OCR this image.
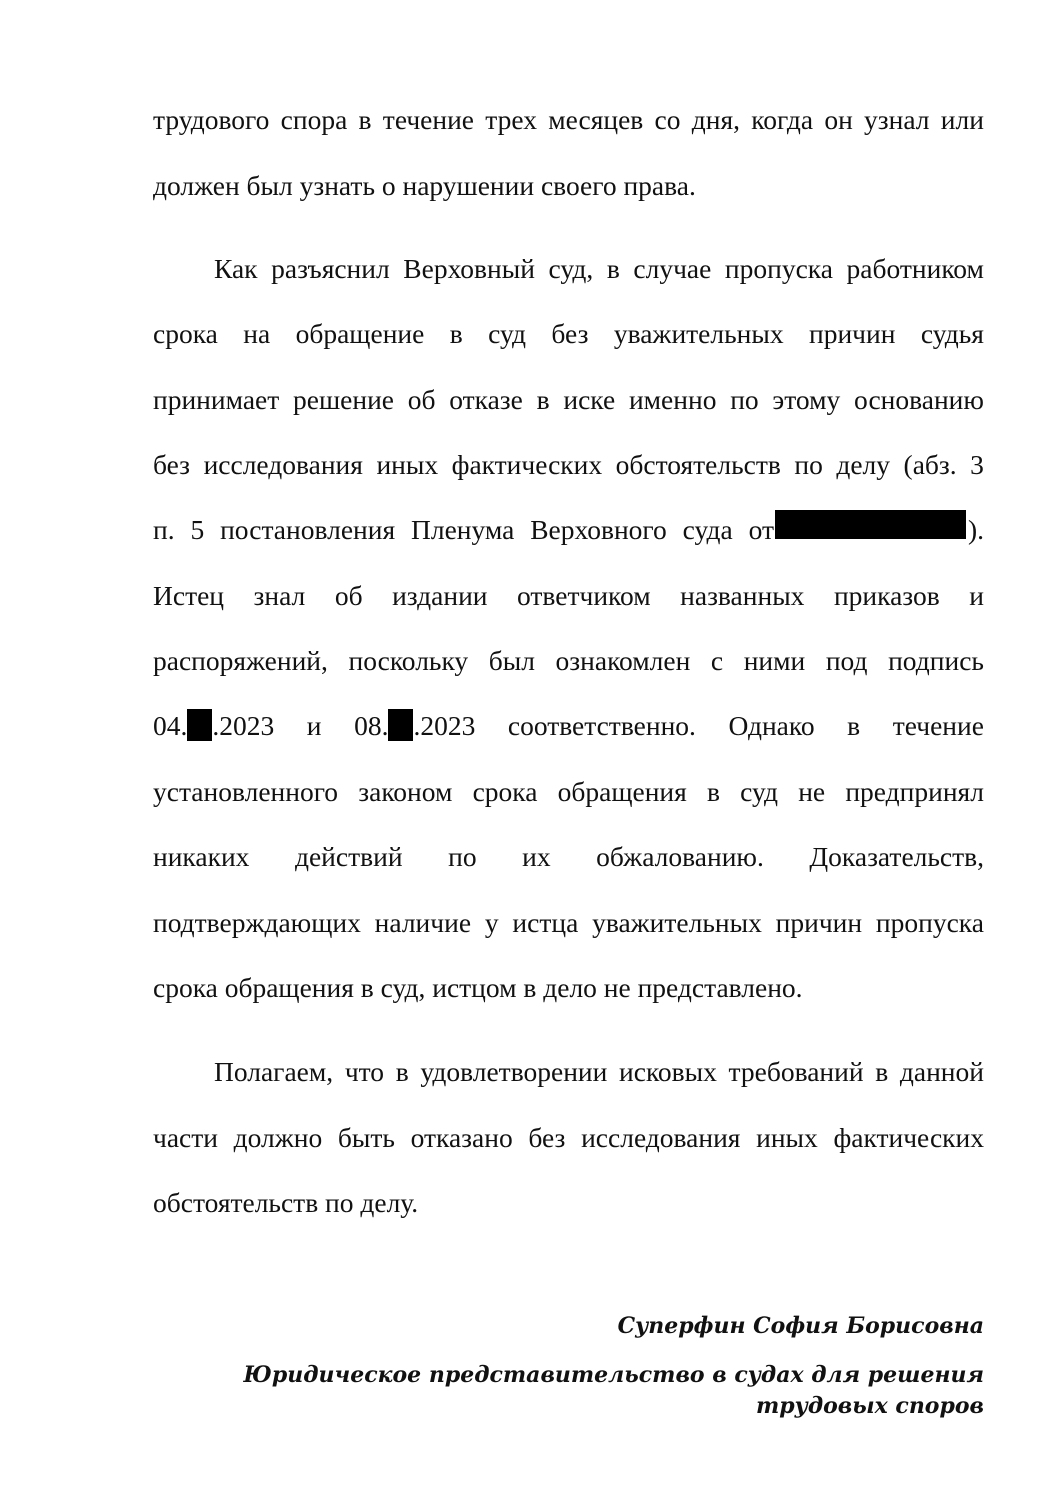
трудового спора в течение трех месяцев со дня, когда он узнал или
должен был узнать о нарушении своего права.
Как разъяснил Верховный суд, в случае пропуска работником
срока на обращение в суд без уважительных причин судья
принимает решение об отказе в иске именно по этому основанию
без исследования иных фактических обстоятельств по делу (абз. 3
п. 5 постановления Пленума Верховного суда от	).
Истец знал об издании ответчиком названных приказов и
распоряжений, поскольку был ознакомлен с ними под подпись
04. .2023 и 08. .2023 соответственно. Однако в течение
установленного законом срока обращения в суд не предпринял
никаких действий по их обжалованию. Доказательств,
подтверждающих наличие у истца уважительных причин пропуска
срока обращения в суд, истцом в дело не представлено.
Полагаем, что в удовлетворении исковых требований в данной
части должно быть отказано без исследования иных фактических
обстоятельств по делу.
Суперфин София Борисовна
Юридическое представительство в судах для решения
трудовых споров
